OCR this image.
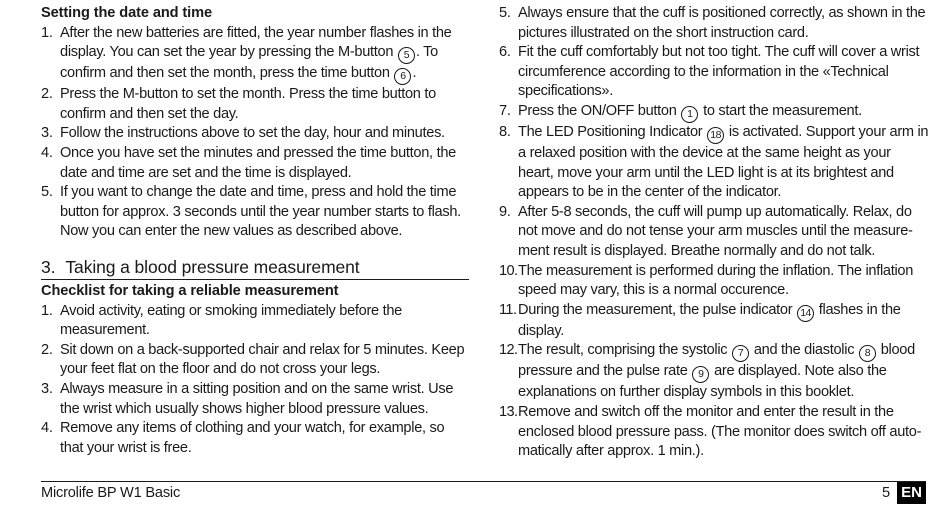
Setting the date and time

1. After the new batteries are fitted, the year number flashes in the display. You can set the year by pressing the M-button 5 . To confirm and then set the month, press the time button 6 .
2. Press the M-button to set the month. Press the time button to confirm and then set the day.
3. Follow the instructions above to set the day, hour and minutes.
4. Once you have set the minutes and pressed the time button, the date and time are set and the time is displayed.
5. If you want to change the date and time, press and hold the time button for approx. 3 seconds until the year number starts to flash. Now you can enter the new values as described above.
3. Taking a blood pressure measurement

Checklist for taking a reliable measurement

1. Avoid activity, eating or smoking immediately before the measurement.
2. Sit down on a back-supported chair and relax for 5 minutes. Keep your feet flat on the floor and do not cross your legs.
3. Always measure in a sitting position and on the same wrist. Use the wrist which usually shows higher blood pressure values.
4. Remove any items of clothing and your watch, for example, so that your wrist is free.
5. Always ensure that the cuff is positioned correctly, as shown in the pictures illustrated on the short instruction card.
6. Fit the cuff comfortably but not too tight. The cuff will cover a wrist circumference according to the information in the «Technical specifications».
7. Press the ON/OFF button 1 to start the measurement.
8. The LED Positioning Indicator 18 is activated. Support your arm in a relaxed position with the device at the same height as your heart, move your arm until the LED light is at its brightest and appears to be in the center of the indicator.
9. After 5-8 seconds, the cuff will pump up automatically. Relax, do not move and do not tense your arm muscles until the measure-ment result is displayed. Breathe normally and do not talk.
10. The measurement is performed during the inflation. The inflation speed may vary, this is a normal occurence.
11. During the measurement, the pulse indicator 14 flashes in the display.
12. The result, comprising the systolic 7 and the diastolic 8 blood pressure and the pulse rate 9 are displayed. Note also the explanations on further display symbols in this booklet.
13. Remove and switch off the monitor and enter the result in the enclosed blood pressure pass. (The monitor does switch off auto-matically after approx. 1 min.).
Microlife BP W1 Basic	5 EN
